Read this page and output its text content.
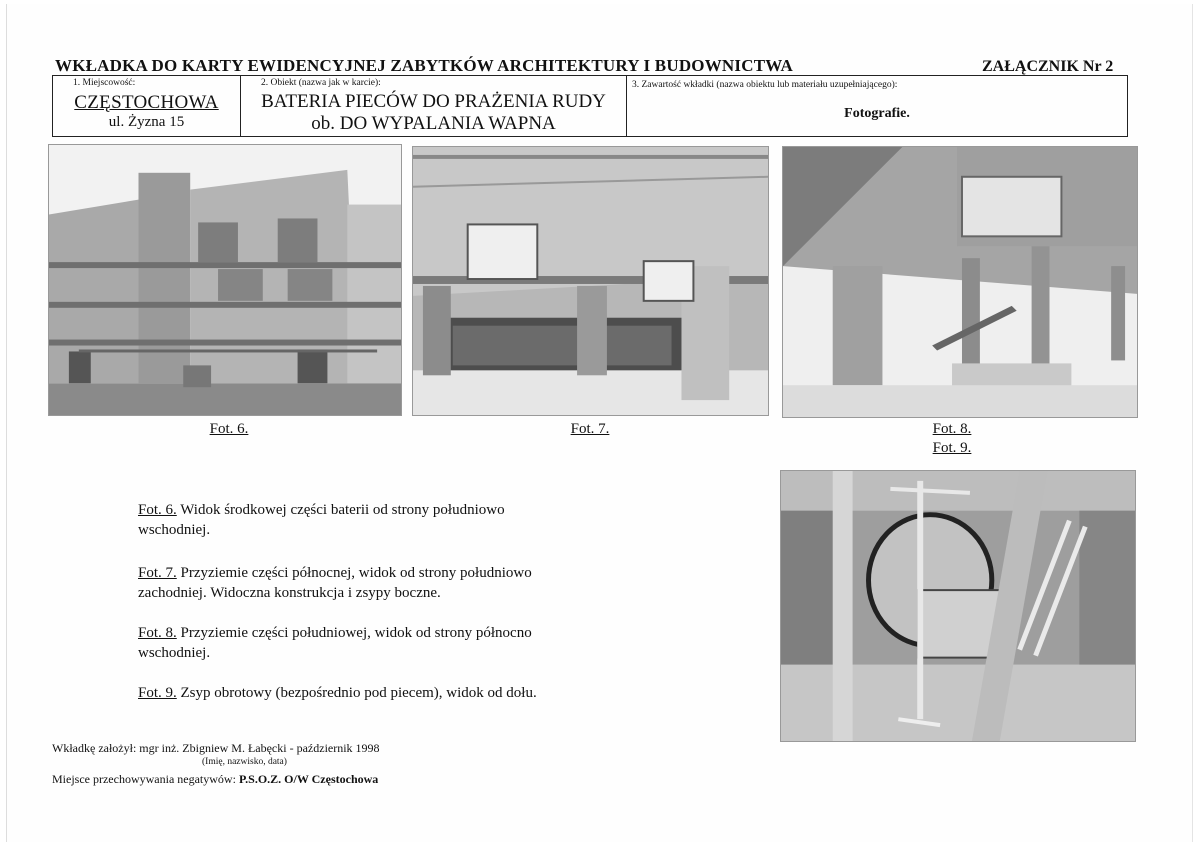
WKŁADKA DO KARTY EWIDENCYJNEJ ZABYTKÓW ARCHITEKTURY I BUDOWNICTWA	ZAŁĄCZNIK Nr 2
1. Miejscowość:
CZĘSTOCHOWA
ul. Żyzna 15
2. Obiekt (nazwa jak w karcie):
BATERIA PIECÓW DO PRAŻENIA RUDY
ob. DO WYPALANIA WAPNA
3. Zawartość wkładki (nazwa obiektu lub materiału uzupełniającego):
Fotografie.
Fot. 6.	Fot. 7.	Fot. 8.
Fot. 9.
Fot. 6. Widok środkowej części baterii od strony południowo wschodniej.
Fot. 7. Przyziemie części północnej, widok od strony południowo zachodniej. Widoczna konstrukcja i zsypy boczne.
Fot. 8. Przyziemie części południowej, widok od strony północno wschodniej.
Fot. 9. Zsyp obrotowy (bezpośrednio pod piecem), widok od dołu.
Wkładkę założył: mgr inż. Zbigniew M. Łabęcki - październik 1998
(Imię, nazwisko, data)
Miejsce przechowywania negatywów: P.S.O.Z. O/W Częstochowa
